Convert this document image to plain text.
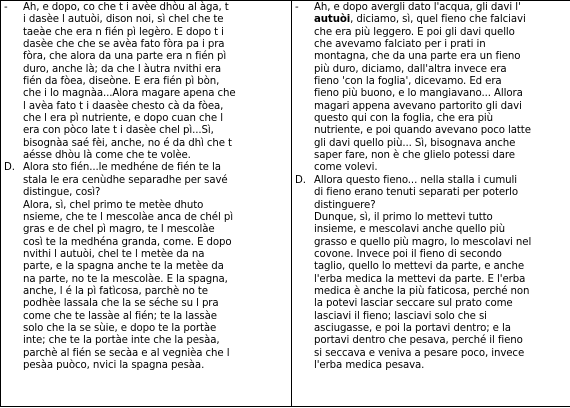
-	Ah, e dopo, co che t i avèe dhòu al àga, t
i dasèe l autuòi, dison noi, sì chel che te
taeàe che era n fién pì legèro. E dopo t i
dasèe che che se avèa fato fòra pa i pra
fòra, che alora da una parte era n fién pì
duro, anche là; da che l àutra nvithi era
fién da fòea, diseòne. E era fién pì bòn,
che i lo magnàa...Alora magare apena che
l avèa fato t i daasèe chesto cà da fòea,
che l era pì nutriente, e dopo cuan che l
era con pòco late t i dasèe chel pì...Sì,
bisognàa saé fèi, anche, no é da dhì che t
aésse dhòu là come che te volèe.
D. Alora sto fién...le medhéne de fién te la
stala le era cenùdhe separadhe per savé
distingue, così?
Alora, sì, chel primo te metèe dhuto
nsieme, che te l mescolàe anca de chél pì
gras e de chel pì magro, te l mescolàe
così te la medhéna granda, come. E dopo
nvithi l autuòi, chel te l metèe da na
parte, e la spagna anche te la metèe da
na parte, no te la mescolàe. E la spagna,
anche, l é la pì fatìcosa, parchè no te
podhèe lassala che la se séche su l pra
come che te lassàe al fién; te la lassàe
solo che la se sùie, e dopo te la portàe
inte; che te la portàe inte che la pesàa,
parchè al fién se secàa e al vegnièa che l
pesàa puòco, nvici la spagna pesàa.

-	Ah, e dopo avergli dato l'acqua, gli davi l'
autuòi, diciamo, sì, quel fieno che falciavi
che era più leggero. E poi gli davi quello
che avevamo falciato per i prati in
montagna, che da una parte era un fieno
più duro, diciamo, dall'altra invece era
fieno 'con la foglia', dicevamo. Ed era
fieno più buono, e lo mangiavano... Allora
magari appena avevano partorito gli davi
questo qui con la foglia, che era più
nutriente, e poi quando avevano poco latte
gli davi quello più... Sì, bisognava anche
saper fare, non è che glielo potessi dare
come volevi.
D. Allora questo fieno... nella stalla i cumuli
di fieno erano tenuti separati per poterlo
distinguere?
Dunque, sì, il primo lo mettevi tutto
insieme, e mescolavi anche quello più
grasso e quello più magro, lo mescolavi nel
covone. Invece poi il fieno di secondo
taglio, quello lo mettevi da parte, e anche
l'erba medica la mettevi da parte. E l'erba
medica è anche la più faticosa, perché non
la potevi lasciar seccare sul prato come
lasciavi il fieno; lasciavi solo che si
asciugasse, e poi la portavi dentro; e la
portavi dentro che pesava, perché il fieno
si seccava e veniva a pesare poco, invece
l'erba medica pesava.
